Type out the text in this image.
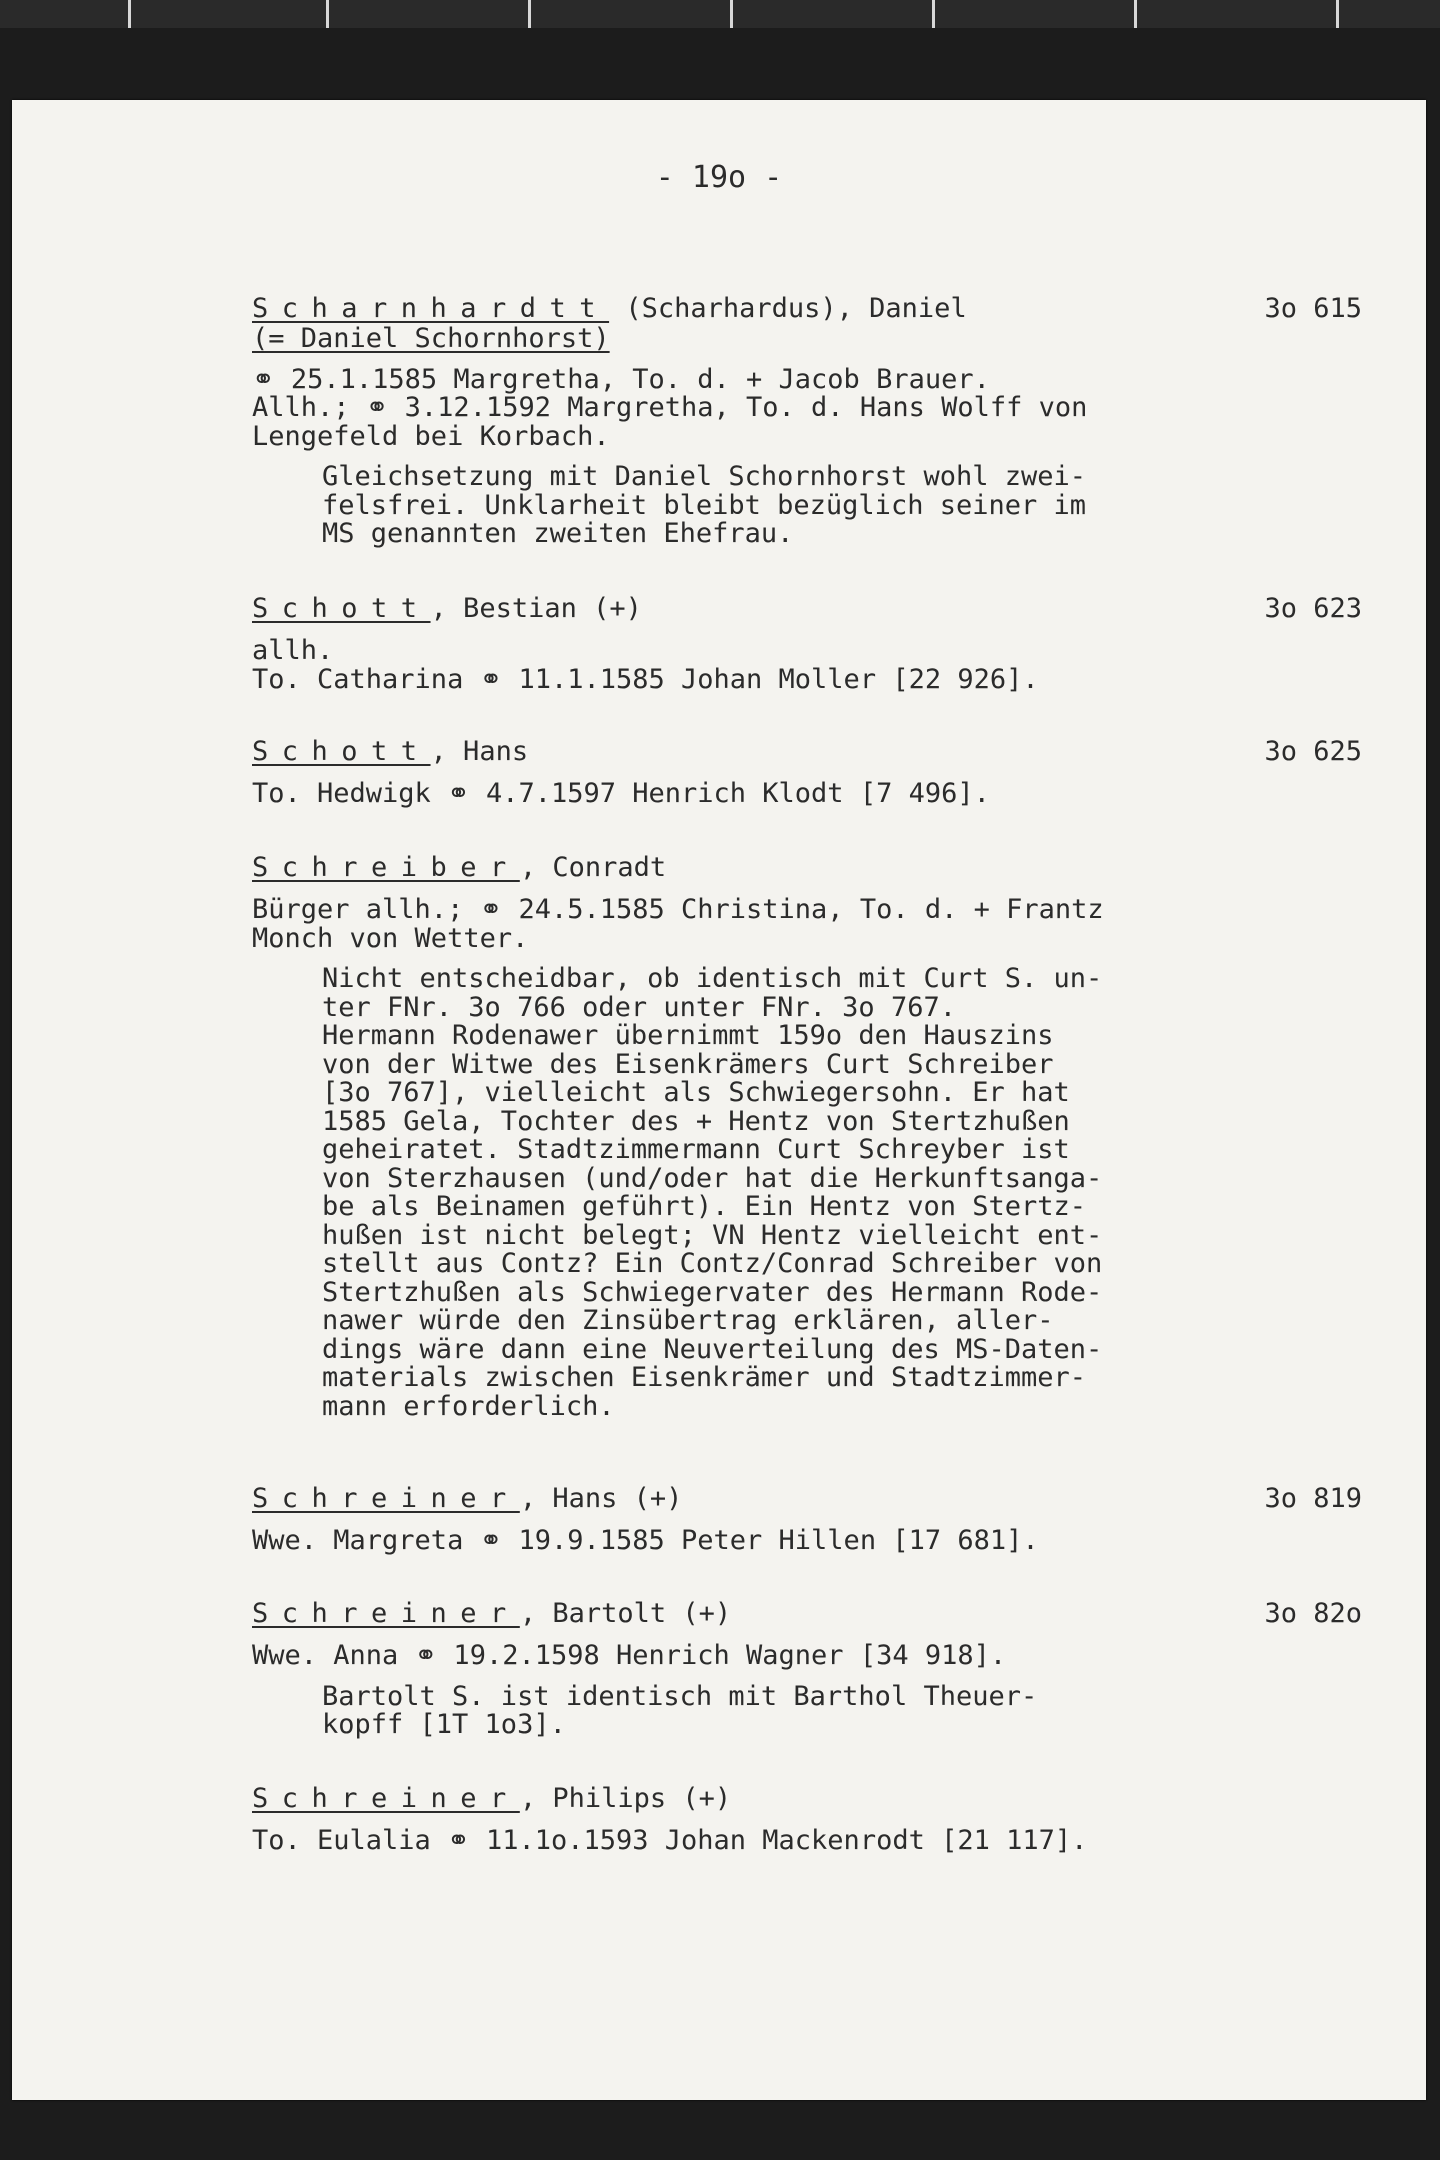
- 19o -
Scharnhardtt (Scharhardus), Daniel	3o 615
(= Daniel Schornhorst)
⚭ 25.1.1585 Margretha, To. d. + Jacob Brauer.
Allh.; ⚭ 3.12.1592 Margretha, To. d. Hans Wolff von
Lengefeld bei Korbach.
Gleichsetzung mit Daniel Schornhorst wohl zwei-
felsfrei. Unklarheit bleibt bezüglich seiner im
MS genannten zweiten Ehefrau.
Schott, Bestian (+)	3o 623
allh.
To. Catharina ⚭ 11.1.1585 Johan Moller [22 926].
Schott, Hans	3o 625
To. Hedwigk ⚭ 4.7.1597 Henrich Klodt [7 496].
Schreiber, Conradt
Bürger allh.; ⚭ 24.5.1585 Christina, To. d. + Frantz
Monch von Wetter.
Nicht entscheidbar, ob identisch mit Curt S. un-
ter FNr. 3o 766 oder unter FNr. 3o 767.
Hermann Rodenawer übernimmt 159o den Hauszins
von der Witwe des Eisenkrämers Curt Schreiber
[3o 767], vielleicht als Schwiegersohn. Er hat
1585 Gela, Tochter des + Hentz von Stertzhußen
geheiratet. Stadtzimmermann Curt Schreyber ist
von Sterzhausen (und/oder hat die Herkunftsanga-
be als Beinamen geführt). Ein Hentz von Stertz-
hußen ist nicht belegt; VN Hentz vielleicht ent-
stellt aus Contz? Ein Contz/Conrad Schreiber von
Stertzhußen als Schwiegervater des Hermann Rode-
nawer würde den Zinsübertrag erklären, aller-
dings wäre dann eine Neuverteilung des MS-Daten-
materials zwischen Eisenkrämer und Stadtzimmer-
mann erforderlich.
Schreiner, Hans (+)	3o 819
Wwe. Margreta ⚭ 19.9.1585 Peter Hillen [17 681].
Schreiner, Bartolt (+)	3o 82o
Wwe. Anna ⚭ 19.2.1598 Henrich Wagner [34 918].
Bartolt S. ist identisch mit Barthol Theuer-
kopff [1T 1o3].
Schreiner, Philips (+)
To. Eulalia ⚭ 11.1o.1593 Johan Mackenrodt [21 117].
